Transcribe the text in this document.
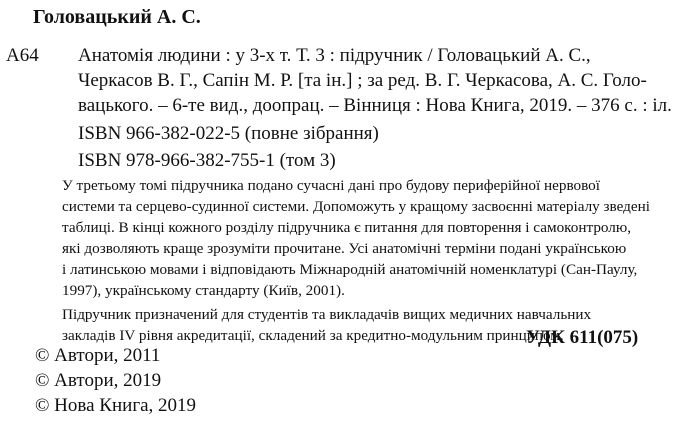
Головацький А. С.
А64 Анатомія людини : у 3-х т. Т. 3 : підручник / Головацький А. С.,
Черкасов В. Г., Сапін М. Р. [та ін.] ; за ред. В. Г. Черкасова, А. С. Голо-
вацького. – 6-те вид., доопрац. – Вінниця : Нова Книга, 2019. – 376 с. : іл.
ISBN 966-382-022-5 (повне зібрання)
ISBN 978-966-382-755-1 (том 3)
У третьому томі підручника подано сучасні дані про будову периферійної нервової
системи та серцево-судинної системи. Допоможуть у кращому засвоєнні матеріалу зведені
таблиці. В кінці кожного розділу підручника є питання для повторення і самоконтролю,
які дозволяють краще зрозуміти прочитане. Усі анатомічні терміни подані українською
і латинською мовами і відповідають Міжнародній анатомічній номенклатурі (Сан-Паулу,
1997), українському стандарту (Київ, 2001).
Підручник призначений для студентів та викладачів вищих медичних навчальних
закладів IV рівня акредитації, складений за кредитно-модульним принципом.
УДК 611(075)
© Автори, 2011
© Автори, 2019
© Нова Книга, 2019
